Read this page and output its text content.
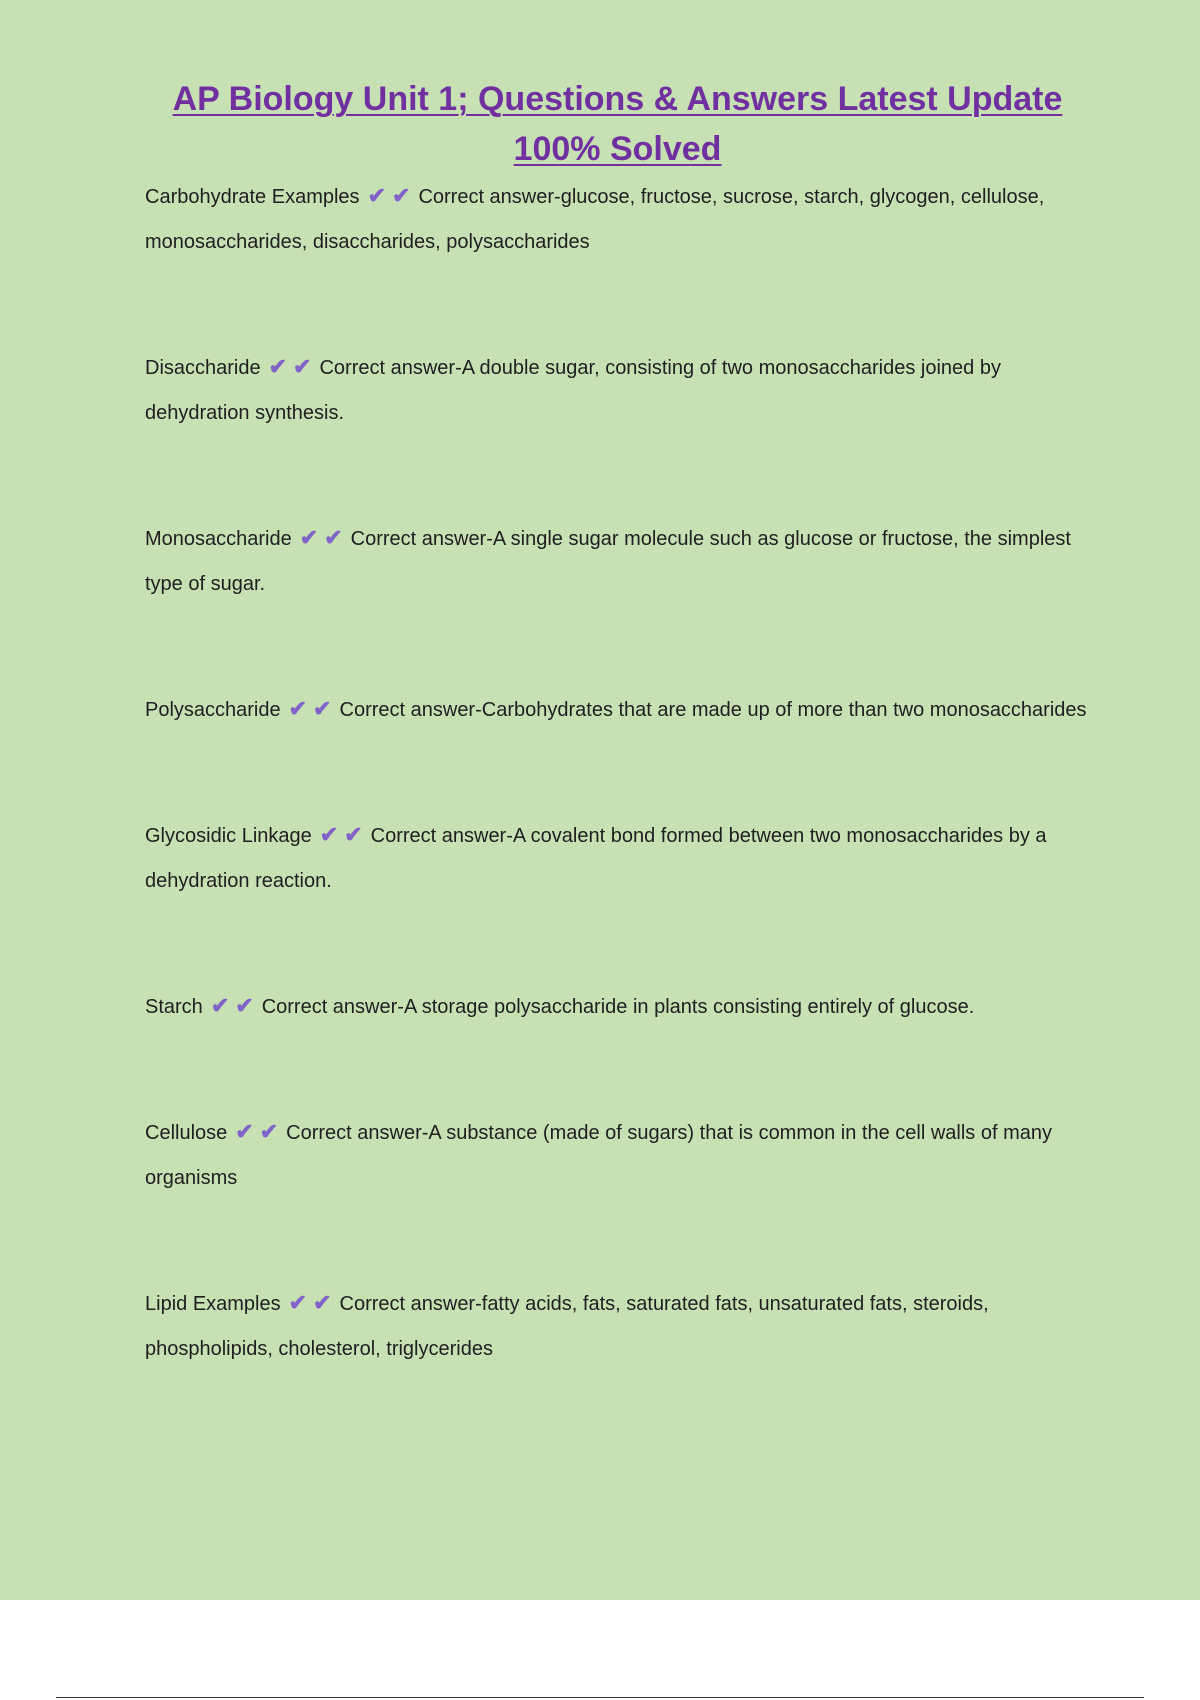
AP Biology Unit 1; Questions & Answers Latest Update
100% Solved

Carbohydrate Examples ✔✔ Correct answer-glucose, fructose, sucrose, starch, glycogen, cellulose, monosaccharides, disaccharides, polysaccharides

Disaccharide ✔✔ Correct answer-A double sugar, consisting of two monosaccharides joined by dehydration synthesis.

Monosaccharide ✔✔ Correct answer-A single sugar molecule such as glucose or fructose, the simplest type of sugar.

Polysaccharide ✔✔ Correct answer-Carbohydrates that are made up of more than two monosaccharides

Glycosidic Linkage ✔✔ Correct answer-A covalent bond formed between two monosaccharides by a dehydration reaction.

Starch ✔✔ Correct answer-A storage polysaccharide in plants consisting entirely of glucose.

Cellulose ✔✔ Correct answer-A substance (made of sugars) that is common in the cell walls of many organisms

Lipid Examples ✔✔ Correct answer-fatty acids, fats, saturated fats, unsaturated fats, steroids, phospholipids, cholesterol, triglycerides
